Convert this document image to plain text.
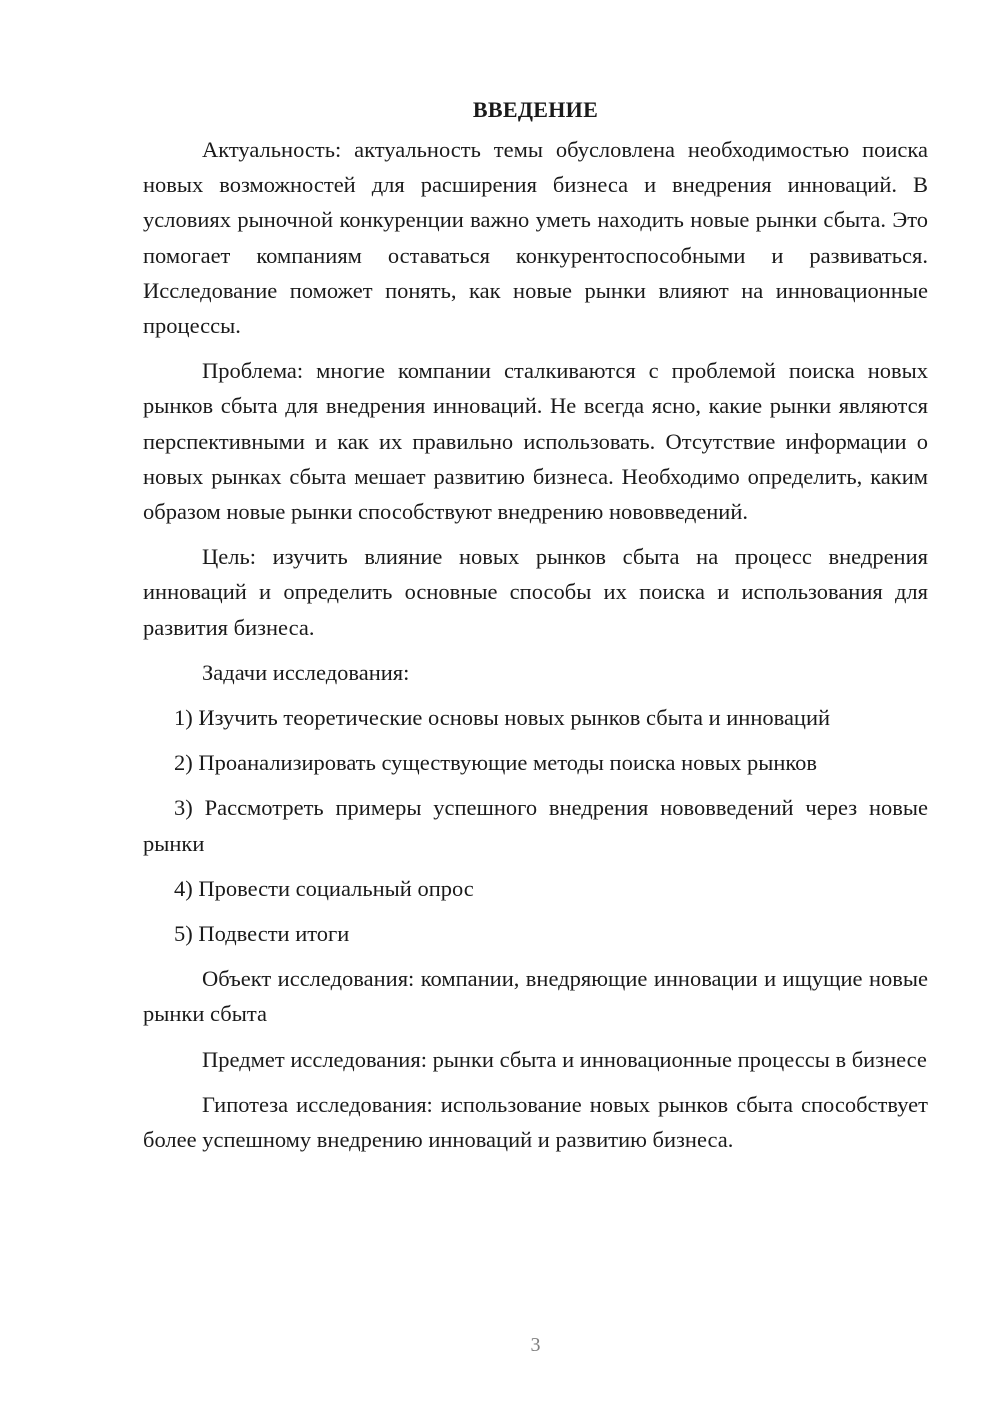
ВВЕДЕНИЕ

Актуальность: актуальность темы обусловлена необходимостью поиска новых возможностей для расширения бизнеса и внедрения инноваций. В условиях рыночной конкуренции важно уметь находить новые рынки сбыта. Это помогает компаниям оставаться конкурентоспособными и развиваться. Исследование поможет понять, как новые рынки влияют на инновационные процессы.

Проблема: многие компании сталкиваются с проблемой поиска новых рынков сбыта для внедрения инноваций. Не всегда ясно, какие рынки являются перспективными и как их правильно использовать. Отсутствие информации о новых рынках сбыта мешает развитию бизнеса. Необходимо определить, каким образом новые рынки способствуют внедрению нововведений.

Цель: изучить влияние новых рынков сбыта на процесс внедрения инноваций и определить основные способы их поиска и использования для развития бизнеса.

Задачи исследования:

1) Изучить теоретические основы новых рынков сбыта и инноваций

2) Проанализировать существующие методы поиска новых рынков

3) Рассмотреть примеры успешного внедрения нововведений через новые рынки

4) Провести социальный опрос

5) Подвести итоги

Объект исследования: компании, внедряющие инновации и ищущие новые рынки сбыта

Предмет исследования: рынки сбыта и инновационные процессы в бизнесе

Гипотеза исследования: использование новых рынков сбыта способствует более успешному внедрению инноваций и развитию бизнеса.

3
